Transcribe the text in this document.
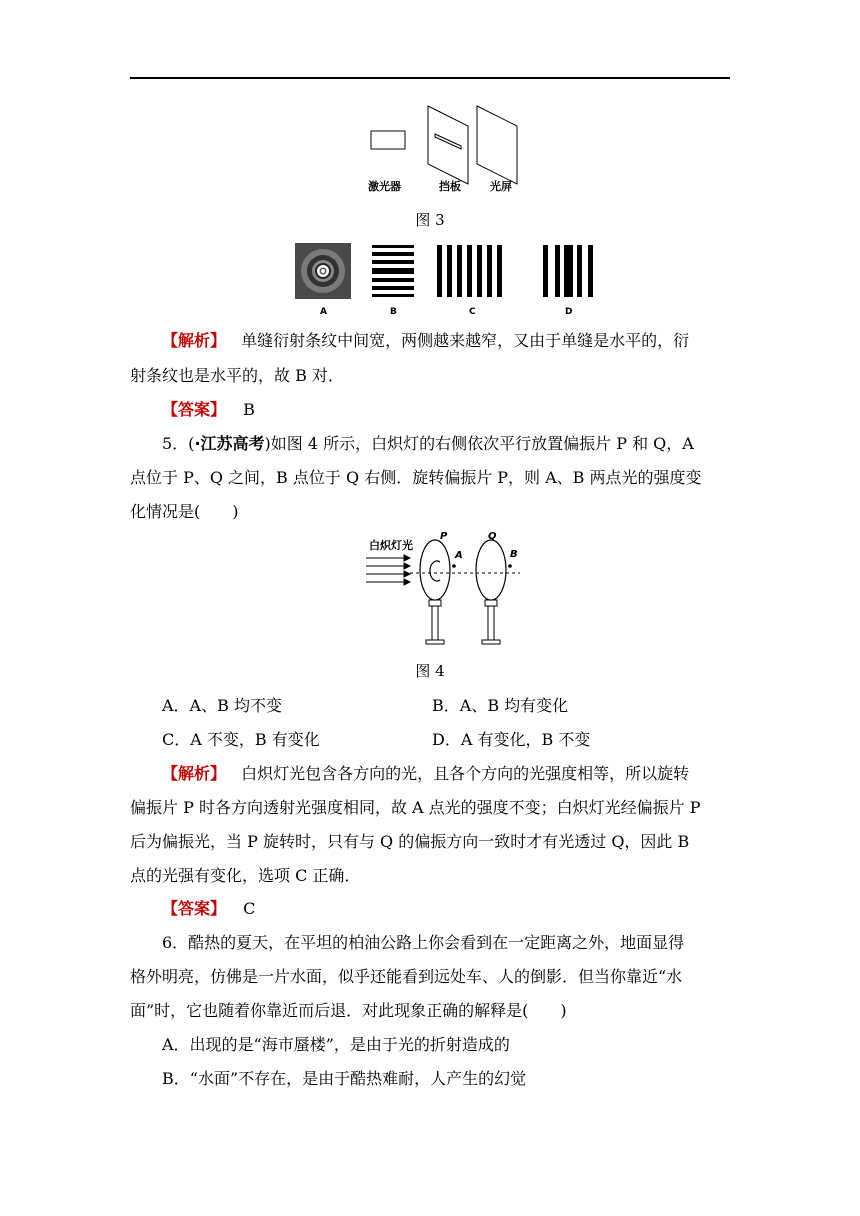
激光器	挡板	光屏
图 3
A	B	C	D
【解析】 单缝衍射条纹中间宽，两侧越来越窄，又由于单缝是水平的，衍
射条纹也是水平的，故 B 对．
【答案】 B
5．(·江苏高考)如图 4 所示，白炽灯的右侧依次平行放置偏振片 P 和 Q，A
点位于 P、Q 之间，B 点位于 Q 右侧．旋转偏振片 P，则 A、B 两点光的强度变
化情况是(　　)
白炽灯光
P
A
Q
B
图 4
A．A、B 均不变	B．A、B 均有变化
C．A 不变，B 有变化	D．A 有变化，B 不变
【解析】 白炽灯光包含各方向的光，且各个方向的光强度相等，所以旋转
偏振片 P 时各方向透射光强度相同，故 A 点光的强度不变；白炽灯光经偏振片 P
后为偏振光，当 P 旋转时，只有与 Q 的偏振方向一致时才有光透过 Q，因此 B
点的光强有变化，选项 C 正确．
【答案】 C
6．酷热的夏天，在平坦的柏油公路上你会看到在一定距离之外，地面显得
格外明亮，仿佛是一片水面，似乎还能看到远处车、人的倒影．但当你靠近“水
面”时，它也随着你靠近而后退．对此现象正确的解释是(　　)
A．出现的是“海市蜃楼”，是由于光的折射造成的
B．“水面”不存在，是由于酷热难耐，人产生的幻觉
